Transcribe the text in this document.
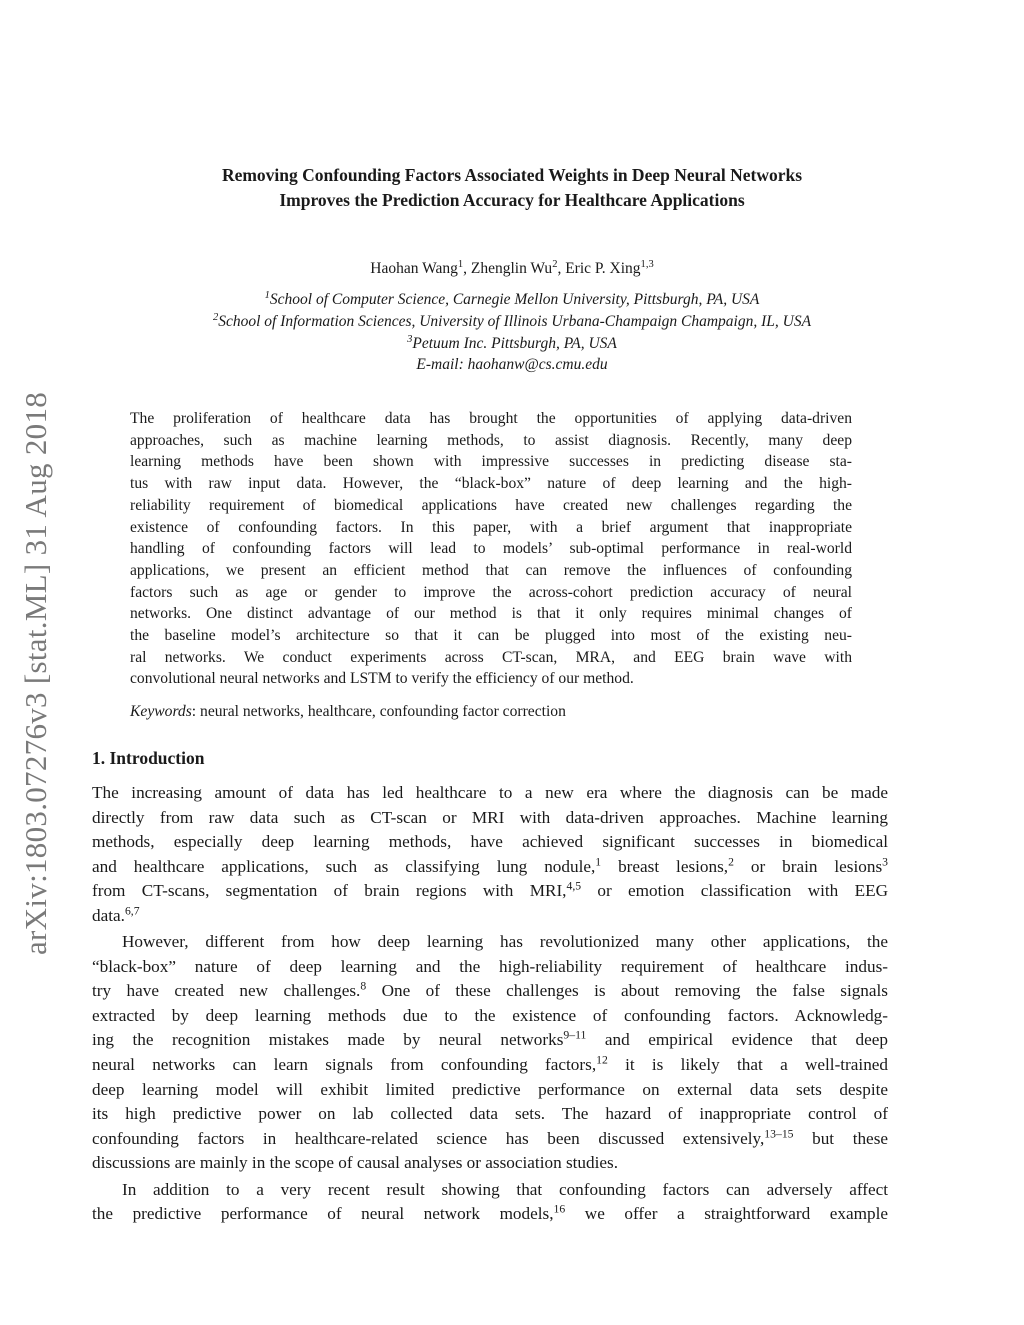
arXiv:1803.07276v3 [stat.ML] 31 Aug 2018
Removing Confounding Factors Associated Weights in Deep Neural Networks
Improves the Prediction Accuracy for Healthcare Applications
Haohan Wang$^1$, Zhenglin Wu$^2$, Eric P. Xing$^{1,3}$
$^1$School of Computer Science, Carnegie Mellon University, Pittsburgh, PA, USA
$^2$School of Information Sciences, University of Illinois Urbana-Champaign Champaign, IL, USA
$^3$Petuum Inc. Pittsburgh, PA, USA
E-mail: haohanw@cs.cmu.edu
The proliferation of healthcare data has brought the opportunities of applying data-driven
approaches, such as machine learning methods, to assist diagnosis. Recently, many deep
learning methods have been shown with impressive successes in predicting disease sta-
tus with raw input data. However, the “black-box” nature of deep learning and the high-
reliability requirement of biomedical applications have created new challenges regarding the
existence of confounding factors. In this paper, with a brief argument that inappropriate
handling of confounding factors will lead to models’ sub-optimal performance in real-world
applications, we present an efficient method that can remove the influences of confounding
factors such as age or gender to improve the across-cohort prediction accuracy of neural
networks. One distinct advantage of our method is that it only requires minimal changes of
the baseline model’s architecture so that it can be plugged into most of the existing neu-
ral networks. We conduct experiments across CT-scan, MRA, and EEG brain wave with
convolutional neural networks and LSTM to verify the efficiency of our method.
Keywords: neural networks, healthcare, confounding factor correction
1. Introduction
The increasing amount of data has led healthcare to a new era where the diagnosis can be made
directly from raw data such as CT-scan or MRI with data-driven approaches. Machine learning
methods, especially deep learning methods, have achieved significant successes in biomedical
and healthcare applications, such as classifying lung nodule,$^1$ breast lesions,$^2$ or brain lesions$^3$
from CT-scans, segmentation of brain regions with MRI,$^{4,5}$ or emotion classification with EEG
data.$^{6,7}$
However, different from how deep learning has revolutionized many other applications, the
“black-box” nature of deep learning and the high-reliability requirement of healthcare indus-
try have created new challenges.$^8$ One of these challenges is about removing the false signals
extracted by deep learning methods due to the existence of confounding factors. Acknowledg-
ing the recognition mistakes made by neural networks$^{9-11}$ and empirical evidence that deep
neural networks can learn signals from confounding factors,$^{12}$ it is likely that a well-trained
deep learning model will exhibit limited predictive performance on external data sets despite
its high predictive power on lab collected data sets. The hazard of inappropriate control of
confounding factors in healthcare-related science has been discussed extensively,$^{13-15}$ but these
discussions are mainly in the scope of causal analyses or association studies.
In addition to a very recent result showing that confounding factors can adversely affect
the predictive performance of neural network models,$^{16}$ we offer a straightforward example
